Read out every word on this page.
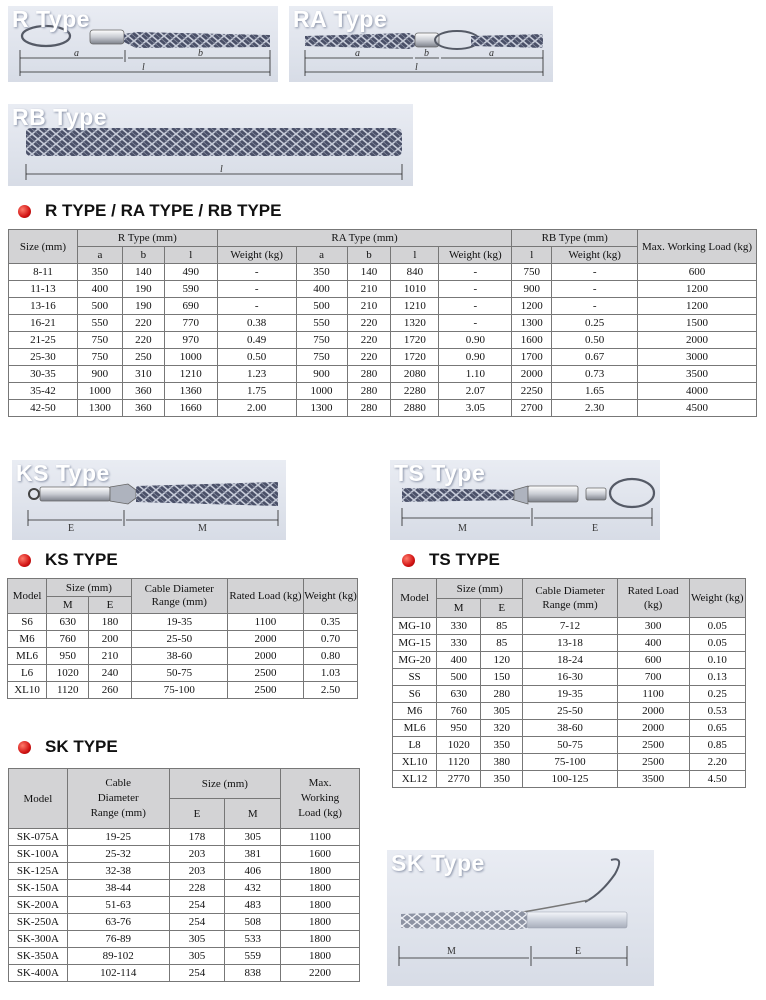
a	b
l
R Type
a	b	a
l
RA Type
l
RB Type
R TYPE / RA TYPE / RB TYPE
Size (mm)	R Type (mm)			RA Type (mm)					RB Type (mm)		Max. Working Load (kg)
	a	b	l	Weight (kg)	a	b	l	Weight (kg)	l	Weight (kg)	
8-11	350	140	490	-	350	140	840	-	750	-	600
11-13	400	190	590	-	400	210	1010	-	900	-	1200
13-16	500	190	690	-	500	210	1210	-	1200	-	1200
16-21	550	220	770	0.38	550	220	1320	-	1300	0.25	1500
21-25	750	220	970	0.49	750	220	1720	0.90	1600	0.50	2000
25-30	750	250	1000	0.50	750	220	1720	0.90	1700	0.67	3000
30-35	900	310	1210	1.23	900	280	2080	1.10	2000	0.73	3500
35-42	1000	360	1360	1.75	1000	280	2280	2.07	2250	1.65	4000
42-50	1300	360	1660	2.00	1300	280	2880	3.05	2700	2.30	4500
E	M
KS Type
M	E
TS Type
KS TYPE	TS TYPE
Model	Size (mm)		Cable Diameter Range (mm)	Rated Load (kg)	Weight (kg)
	M	E			
S6	630	180	19-35	1100	0.35
M6	760	200	25-50	2000	0.70
ML6	950	210	38-60	2000	0.80
L6	1020	240	50-75	2500	1.03
XL10	1120	260	75-100	2500	2.50
Model	Size (mm)		Cable Diameter Range (mm)	Rated Load (kg)	Weight (kg)
	M	E			
MG-10	330	85	7-12	300	0.05
MG-15	330	85	13-18	400	0.05
MG-20	400	120	18-24	600	0.10
SS	500	150	16-30	700	0.13
S6	630	280	19-35	1100	0.25
M6	760	305	25-50	2000	0.53
ML6	950	320	38-60	2000	0.65
L8	1020	350	50-75	2500	0.85
XL10	1120	380	75-100	2500	2.20
XL12	2770	350	100-125	3500	4.50
SK TYPE
Model	Cable Diameter Range (mm)	Size (mm)		Max. Working Load (kg)
		E	M	
SK-075A	19-25	178	305	1100
SK-100A	25-32	203	381	1600
SK-125A	32-38	203	406	1800
SK-150A	38-44	228	432	1800
SK-200A	51-63	254	483	1800
SK-250A	63-76	254	508	1800
SK-300A	76-89	305	533	1800
SK-350A	89-102	305	559	1800
SK-400A	102-114	254	838	2200
M	E
SK Type
